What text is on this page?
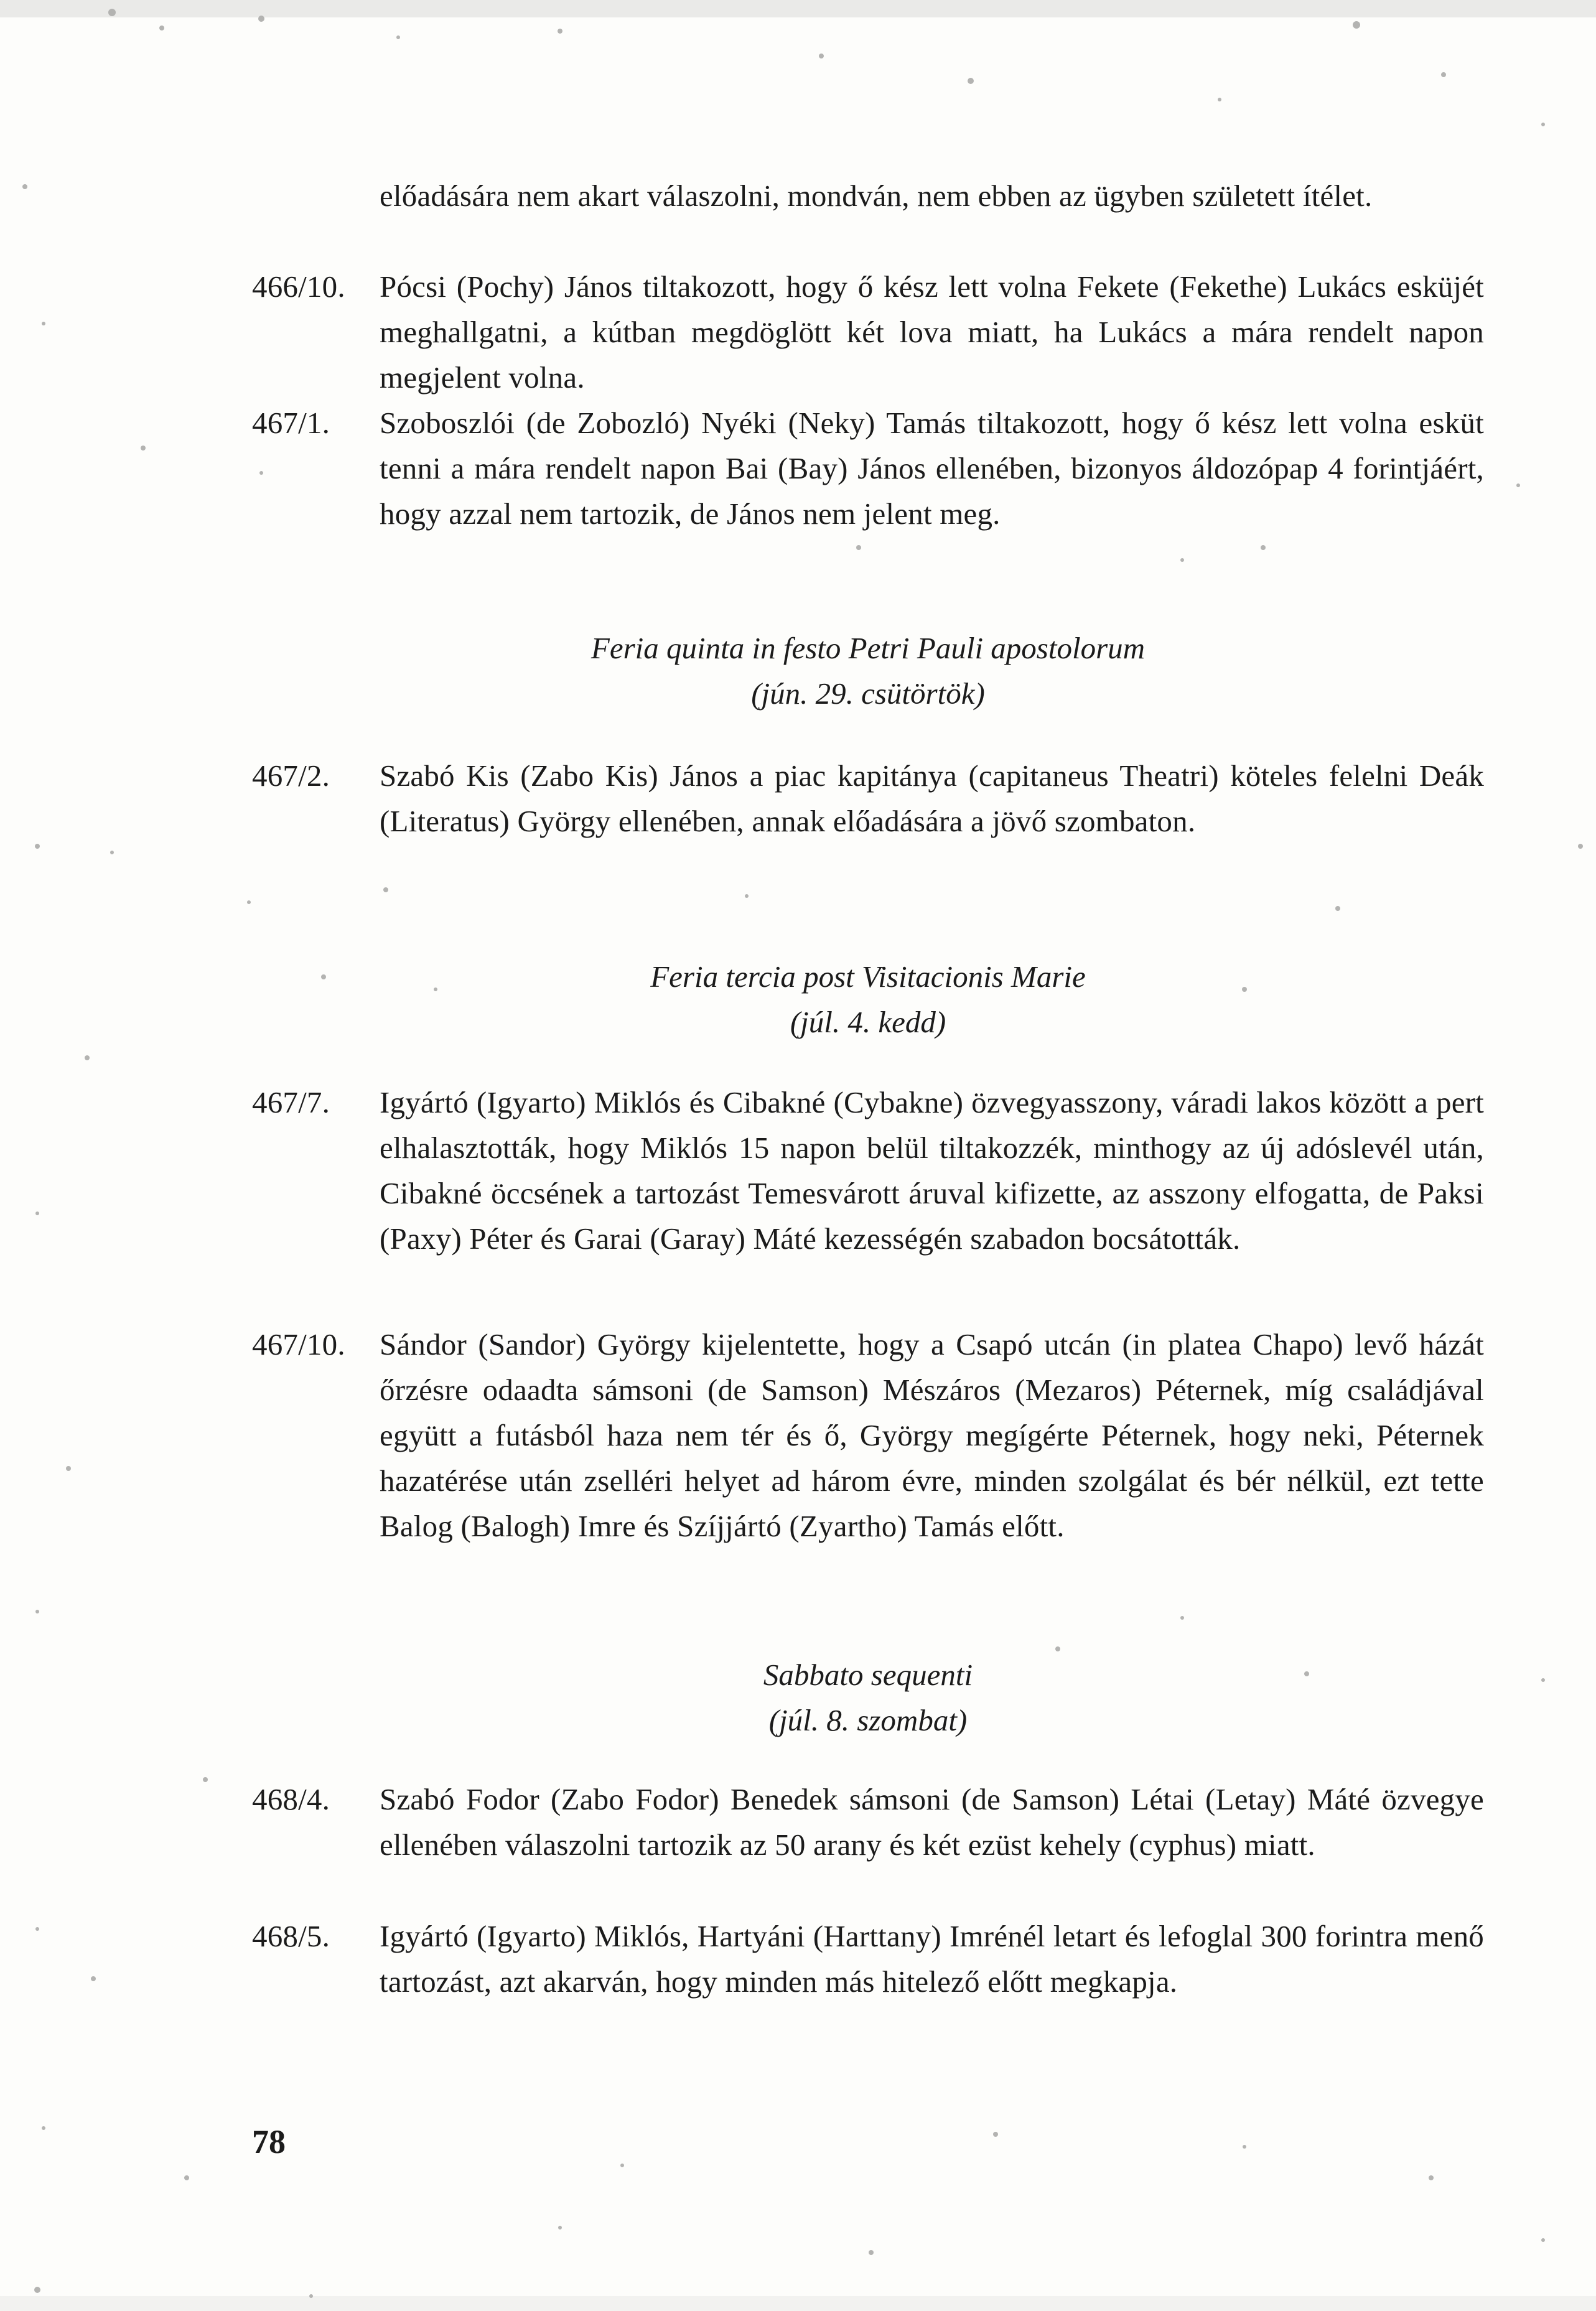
előadására nem akart válaszolni, mondván, nem ebben az ügyben született ítélet.
466/10.	Pócsi (Pochy) János tiltakozott, hogy ő kész lett volna Fekete (Fekethe) Lukács esküjét meghallgatni, a kútban megdöglött két lova miatt, ha Lukács a mára rendelt napon megjelent volna.
467/1.	Szoboszlói (de Zobozló) Nyéki (Neky) Tamás tiltakozott, hogy ő kész lett volna esküt tenni a mára rendelt napon Bai (Bay) János ellenében, bizonyos áldozópap 4 forintjáért, hogy azzal nem tartozik, de János nem jelent meg.
Feria quinta in festo Petri Pauli apostolorum
(jún. 29. csütörtök)
467/2.	Szabó Kis (Zabo Kis) János a piac kapitánya (capitaneus Theatri) köteles felelni Deák (Literatus) György ellenében, annak előadására a jövő szombaton.
Feria tercia post Visitacionis Marie
(júl. 4. kedd)
467/7.	Igyártó (Igyarto) Miklós és Cibakné (Cybakne) özvegyasszony, váradi lakos között a pert elhalasztották, hogy Miklós 15 napon belül tiltakozzék, minthogy az új adóslevél után, Cibakné öccsének a tartozást Temesvárott áruval kifizette, az asszony elfogatta, de Paksi (Paxy) Péter és Garai (Garay) Máté kezességén szabadon bocsátották.
467/10.	Sándor (Sandor) György kijelentette, hogy a Csapó utcán (in platea Chapo) levő házát őrzésre odaadta sámsoni (de Samson) Mészáros (Mezaros) Péternek, míg családjával együtt a futásból haza nem tér és ő, György megígérte Péternek, hogy neki, Péternek hazatérése után zselléri helyet ad három évre, minden szolgálat és bér nélkül, ezt tette Balog (Balogh) Imre és Szíjjártó (Zyartho) Tamás előtt.
Sabbato sequenti
(júl. 8. szombat)
468/4.	Szabó Fodor (Zabo Fodor) Benedek sámsoni (de Samson) Létai (Letay) Máté özvegye ellenében válaszolni tartozik az 50 arany és két ezüst kehely (cyphus) miatt.
468/5.	Igyártó (Igyarto) Miklós, Hartyáni (Harttany) Imrénél letart és lefoglal 300 forintra menő tartozást, azt akarván, hogy minden más hitelező előtt megkapja.
78
